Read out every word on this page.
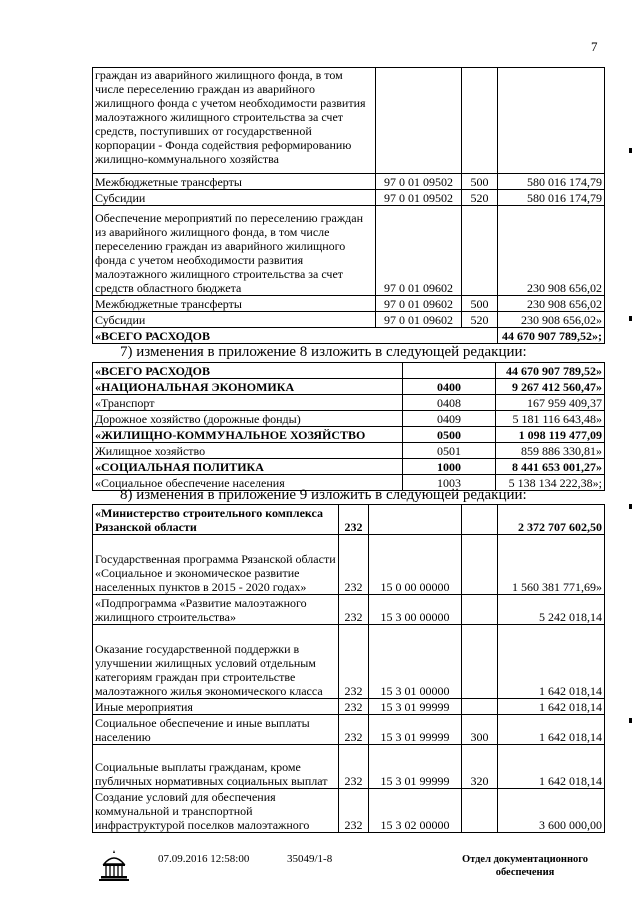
7
граждан из аварийного жилищного фонда, в том числе переселению граждан из аварийного жилищного фонда с учетом необходимости развития малоэтажного жилищного строительства за счет средств, поступивших от государственной корпорации - Фонда содействия реформированию жилищно-коммунального хозяйства			
Межбюджетные трансферты	97 0 01 09502	500	580 016 174,79
Субсидии	97 0 01 09502	520	580 016 174,79
Обеспечение мероприятий по переселению граждан из аварийного жилищного фонда, в том числе переселению граждан из аварийного жилищного фонда с учетом необходимости развития малоэтажного жилищного строительства за счет средств областного бюджета	97 0 01 09602		230 908 656,02
Межбюджетные трансферты	97 0 01 09602	500	230 908 656,02
Субсидии	97 0 01 09602	520	230 908 656,02»
«ВСЕГО РАСХОДОВ			44 670 907 789,52»;
7) изменения в приложение 8 изложить в следующей редакции:
«ВСЕГО РАСХОДОВ		44 670 907 789,52»
«НАЦИОНАЛЬНАЯ ЭКОНОМИКА	0400	9 267 412 560,47»
«Транспорт	0408	167 959 409,37
Дорожное хозяйство (дорожные фонды)	0409	5 181 116 643,48»
«ЖИЛИЩНО-КОММУНАЛЬНОЕ ХОЗЯЙСТВО	0500	1 098 119 477,09
Жилищное хозяйство	0501	859 886 330,81»
«СОЦИАЛЬНАЯ ПОЛИТИКА	1000	8 441 653 001,27»
«Социальное обеспечение населения	1003	5 138 134 222,38»;
8) изменения в приложение 9 изложить в следующей редакции:
«Министерство строительного комплекса Рязанской области	232			2 372 707 602,50
Государственная программа Рязанской области «Социальное и экономическое развитие населенных пунктов в 2015 - 2020 годах»	232	15 0 00 00000		1 560 381 771,69»
«Подпрограмма «Развитие малоэтажного жилищного строительства»	232	15 3 00 00000		5 242 018,14
Оказание государственной поддержки в улучшении жилищных условий отдельным категориям граждан при строительстве малоэтажного жилья экономического класса	232	15 3 01 00000		1 642 018,14
Иные мероприятия	232	15 3 01 99999		1 642 018,14
Социальное обеспечение и иные выплаты населению	232	15 3 01 99999	300	1 642 018,14
Социальные выплаты гражданам, кроме публичных нормативных социальных выплат	232	15 3 01 99999	320	1 642 018,14
Создание условий для обеспечения коммунальной и транспортной инфраструктурой поселков малоэтажного	232	15 3 02 00000		3 600 000,00
07.09.2016 12:58:00	35049/1-8	Отдел документационного обеспечения
